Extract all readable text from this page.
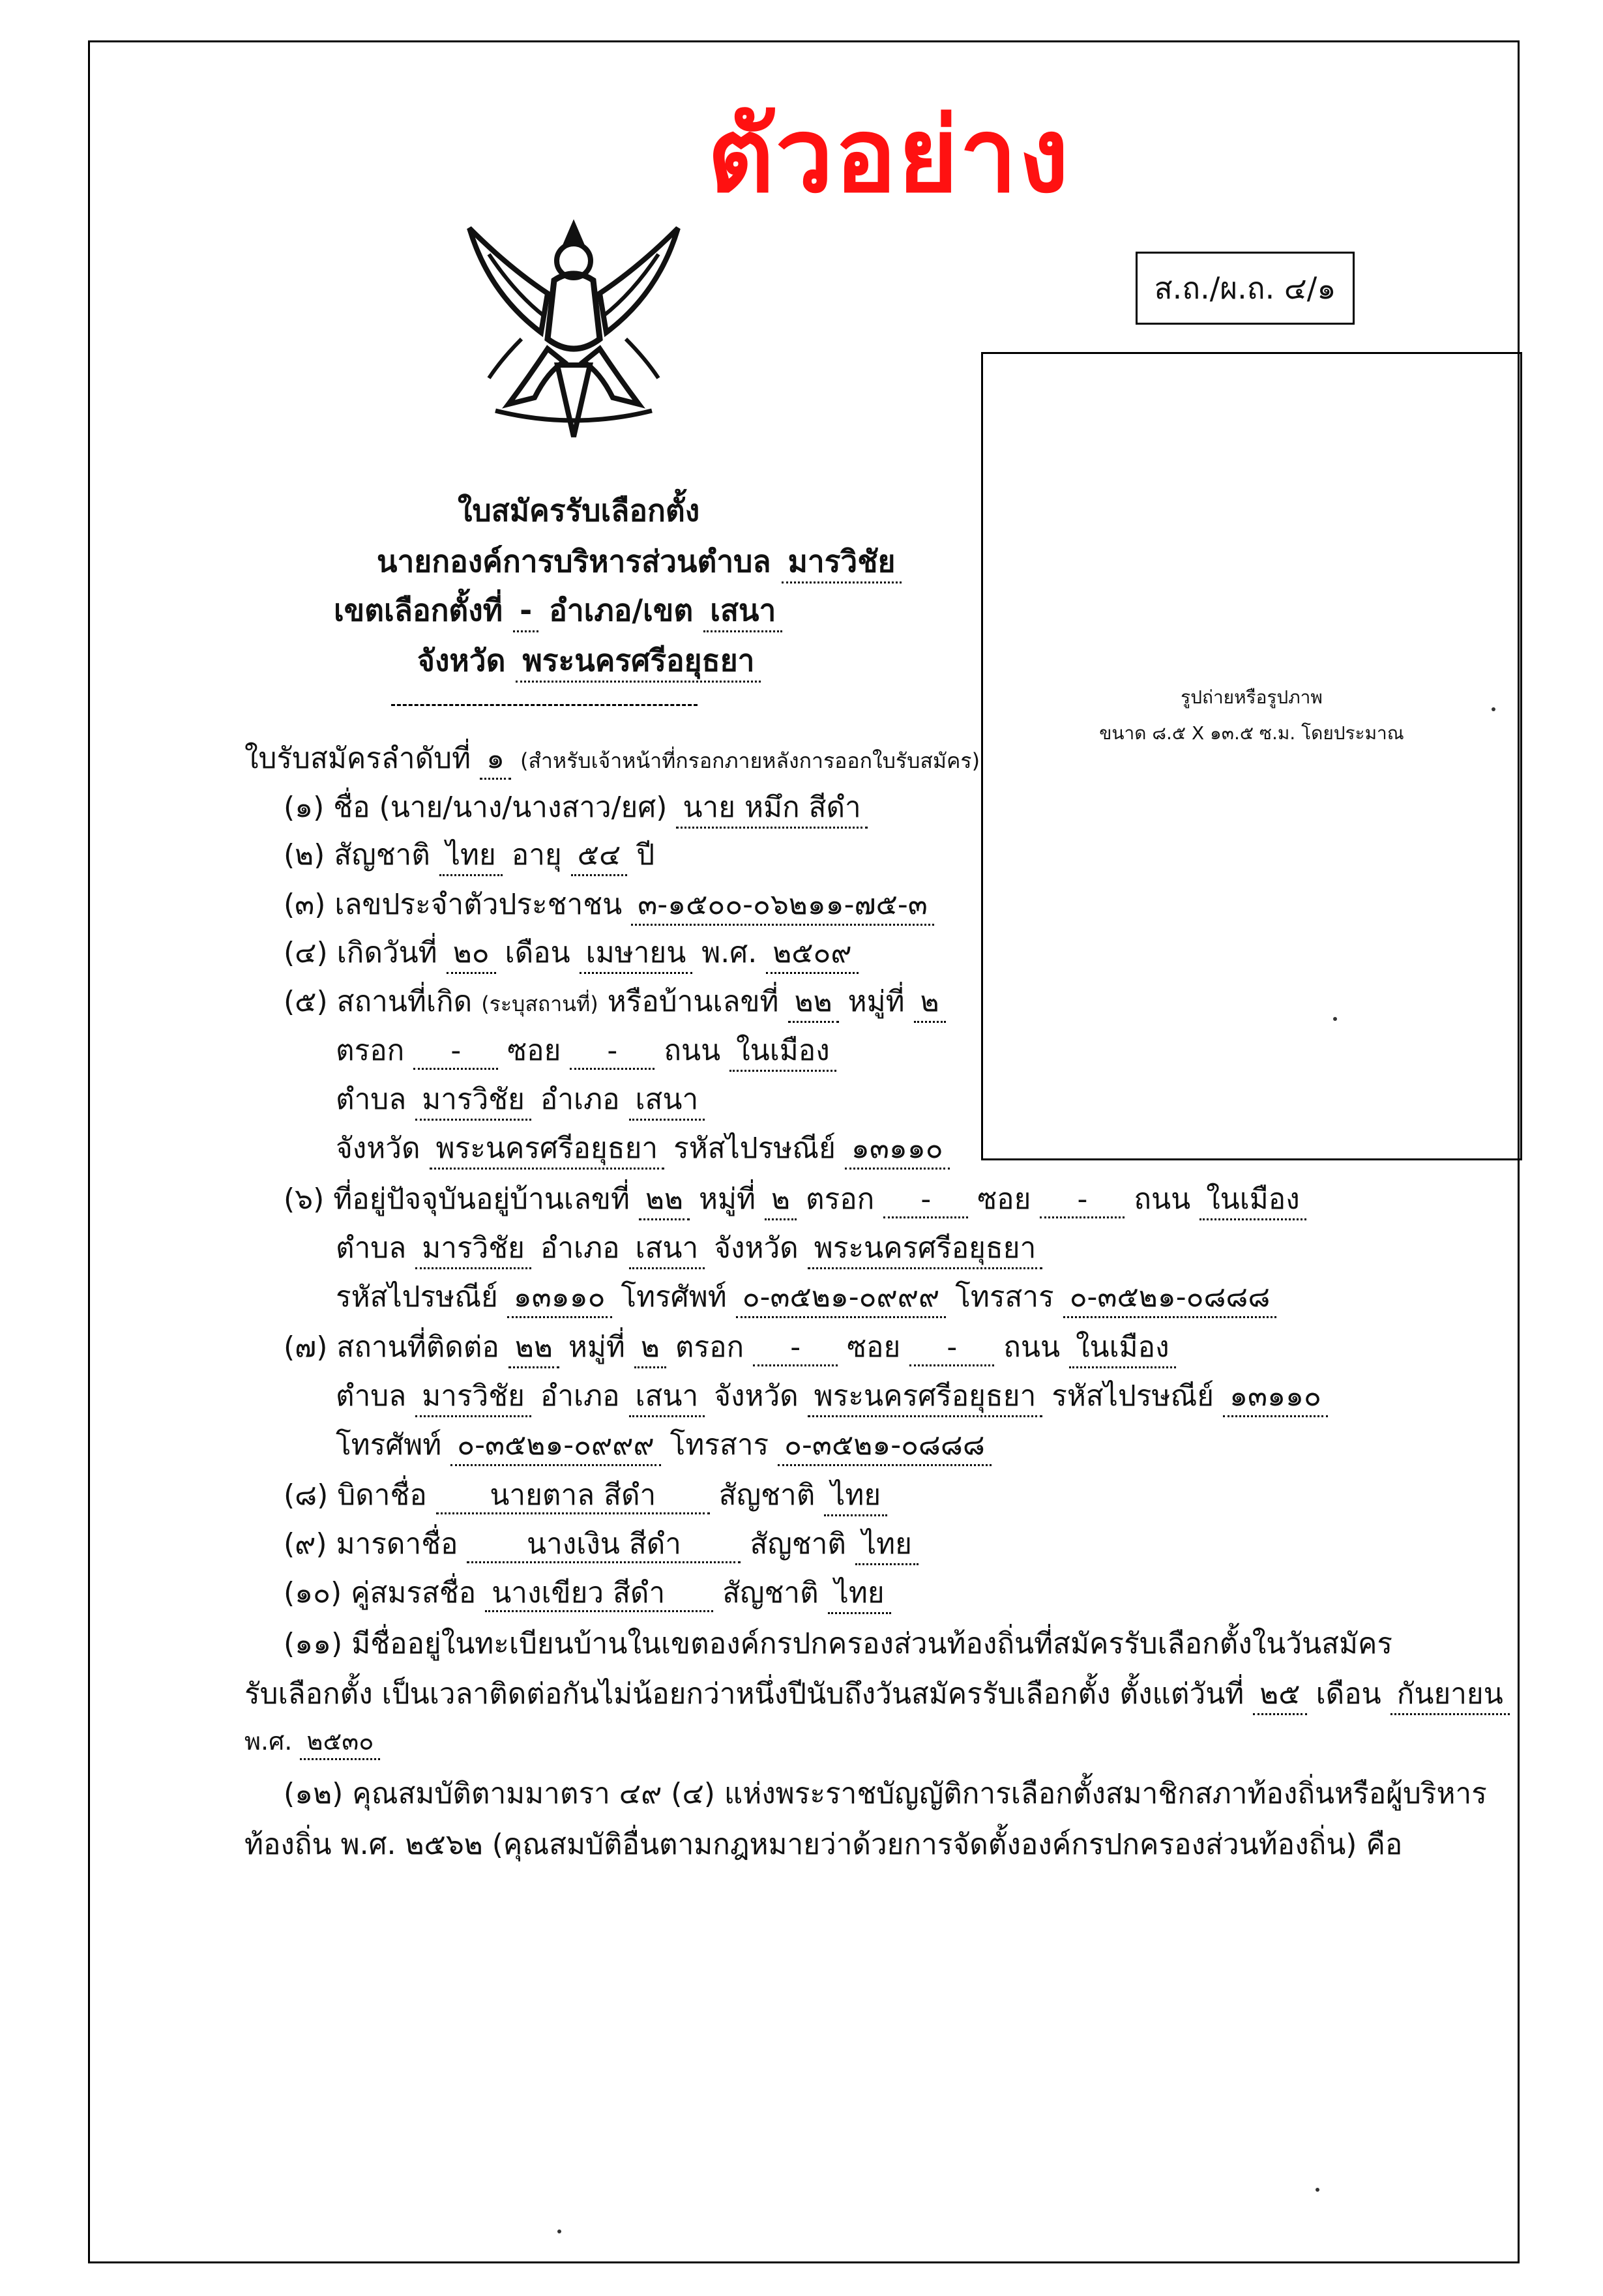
ตัวอย่าง
ส.ถ./ผ.ถ. ๔/๑
รูปถ่ายหรือรูปภาพ
ขนาด ๘.๕ X ๑๓.๕ ซ.ม. โดยประมาณ
ใบสมัครรับเลือกตั้ง
นายกองค์การบริหารส่วนตำบล มารวิชัย
เขตเลือกตั้งที่ - อำเภอ/เขต เสนา
จังหวัด พระนครศรีอยุธยา
ใบรับสมัครลำดับที่ ๑ (สำหรับเจ้าหน้าที่กรอกภายหลังการออกใบรับสมัคร)
(๑) ชื่อ (นาย/นาง/นางสาว/ยศ) นาย หมึก สีดำ
(๒) สัญชาติ ไทย อายุ ๕๔ ปี
(๓) เลขประจำตัวประชาชน ๓-๑๕๐๐-๐๖๒๑๑-๗๕-๓
(๔) เกิดวันที่ ๒๐ เดือน เมษายน พ.ศ. ๒๕๐๙
(๕) สถานที่เกิด (ระบุสถานที่) หรือบ้านเลขที่ ๒๒ หมู่ที่ ๒
ตรอก - ซอย - ถนน ในเมือง
ตำบล มารวิชัย อำเภอ เสนา
จังหวัด พระนครศรีอยุธยา รหัสไปรษณีย์ ๑๓๑๑๐
(๖) ที่อยู่ปัจจุบันอยู่บ้านเลขที่ ๒๒ หมู่ที่ ๒ ตรอก - ซอย - ถนน ในเมือง
ตำบล มารวิชัย อำเภอ เสนา จังหวัด พระนครศรีอยุธยา
รหัสไปรษณีย์ ๑๓๑๑๐ โทรศัพท์ ๐-๓๕๒๑-๐๙๙๙ โทรสาร ๐-๓๕๒๑-๐๘๘๘
(๗) สถานที่ติดต่อ ๒๒ หมู่ที่ ๒ ตรอก - ซอย - ถนน ในเมือง
ตำบล มารวิชัย อำเภอ เสนา จังหวัด พระนครศรีอยุธยา รหัสไปรษณีย์ ๑๓๑๑๐
โทรศัพท์ ๐-๓๕๒๑-๐๙๙๙ โทรสาร ๐-๓๕๒๑-๐๘๘๘
(๘) บิดาชื่อ นายตาล สีดำ สัญชาติ ไทย
(๙) มารดาชื่อ นางเงิน สีดำ สัญชาติ ไทย
(๑๐) คู่สมรสชื่อ นางเขียว สีดำ สัญชาติ ไทย
(๑๑) มีชื่ออยู่ในทะเบียนบ้านในเขตองค์กรปกครองส่วนท้องถิ่นที่สมัครรับเลือกตั้งในวันสมัคร
รับเลือกตั้ง เป็นเวลาติดต่อกันไม่น้อยกว่าหนึ่งปีนับถึงวันสมัครรับเลือกตั้ง ตั้งแต่วันที่ ๒๕ เดือน กันยายน
พ.ศ. ๒๕๓๐
(๑๒) คุณสมบัติตามมาตรา ๔๙ (๔) แห่งพระราชบัญญัติการเลือกตั้งสมาชิกสภาท้องถิ่นหรือผู้บริหาร
ท้องถิ่น พ.ศ. ๒๕๖๒ (คุณสมบัติอื่นตามกฎหมายว่าด้วยการจัดตั้งองค์กรปกครองส่วนท้องถิ่น) คือ
